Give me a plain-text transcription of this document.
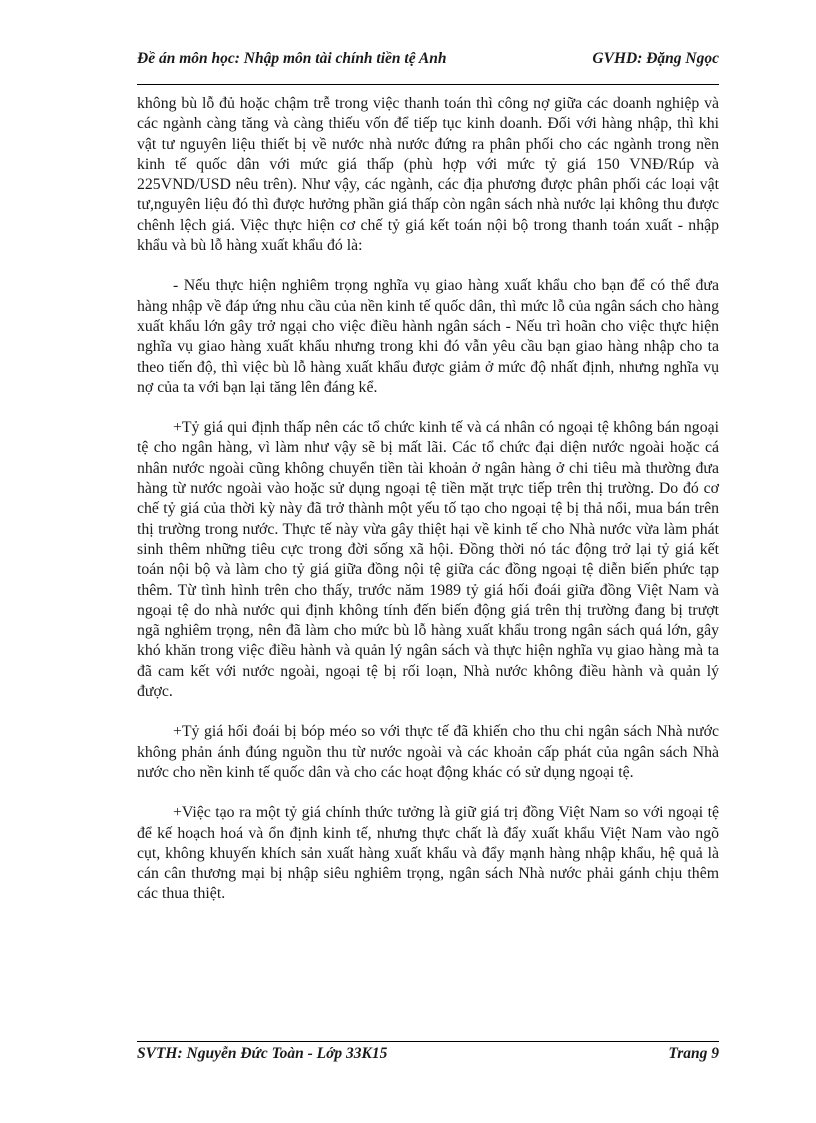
Đề án môn học: Nhập môn tài chính tiền tệ Anh	GVHD: Đặng Ngọc

không bù lỗ đủ hoặc chậm trễ trong việc thanh toán thì công nợ giữa các doanh nghiệp và các ngành càng tăng và càng thiếu vốn để tiếp tục kinh doanh. Đối với hàng nhập, thì khi vật tư nguyên liệu thiết bị về nước nhà nước đứng ra phân phối cho các ngành trong nền kinh tế quốc dân với mức giá thấp (phù hợp với mức tỷ giá 150 VNĐ/Rúp và 225VND/USD nêu trên). Như vậy, các ngành, các địa phương được phân phối các loại vật tư,nguyên liệu đó thì được hưởng phần giá thấp còn ngân sách nhà nước lại không thu được chênh lệch giá. Việc thực hiện cơ chế tỷ giá kết toán nội bộ trong thanh toán xuất - nhập khẩu và bù lỗ hàng xuất khẩu đó là:

- Nếu thực hiện nghiêm trọng nghĩa vụ giao hàng xuất khẩu cho bạn để có thể đưa hàng nhập về đáp ứng nhu cầu của nền kinh tế quốc dân, thì mức lỗ của ngân sách cho hàng xuất khẩu lớn gây trở ngại cho việc điều hành ngân sách - Nếu trì hoãn cho việc thực hiện nghĩa vụ giao hàng xuất khẩu nhưng trong khi đó vẫn yêu cầu bạn giao hàng nhập cho ta theo tiến độ, thì việc bù lỗ hàng xuất khẩu được giảm ở mức độ nhất định, nhưng nghĩa vụ nợ của ta với bạn lại tăng lên đáng kể.

+Tỷ giá qui định thấp nên các tổ chức kinh tế và cá nhân có ngoại tệ không bán ngoại tệ cho ngân hàng, vì làm như vậy sẽ bị mất lãi. Các tổ chức đại diện nước ngoài hoặc cá nhân nước ngoài cũng không chuyển tiền tài khoản ở ngân hàng ở chi tiêu mà thường đưa hàng từ nước ngoài vào hoặc sử dụng ngoại tệ tiền mặt trực tiếp trên thị trường. Do đó cơ chế tỷ giá của thời kỳ này đã trở thành một yếu tố tạo cho ngoại tệ bị thả nổi, mua bán trên thị trường trong nước. Thực tế này vừa gây thiệt hại về kinh tế cho Nhà nước vừa làm phát sinh thêm những tiêu cực trong đời sống xã hội. Đồng thời nó tác động trở lại tỷ giá kết toán nội bộ và làm cho tỷ giá giữa đồng nội tệ giữa các đồng ngoại tệ diễn biến phức tạp thêm. Từ tình hình trên cho thấy, trước năm 1989 tỷ giá hối đoái giữa đồng Việt Nam và ngoại tệ do nhà nước qui định không tính đến biến động giá trên thị trường đang bị trượt ngã nghiêm trọng, nên đã làm cho mức bù lỗ hàng xuất khẩu trong ngân sách quá lớn, gây khó khăn trong việc điều hành và quản lý ngân sách và thực hiện nghĩa vụ giao hàng mà ta đã cam kết với nước ngoài, ngoại tệ bị rối loạn, Nhà nước không điều hành và quản lý được.

+Tỷ giá hối đoái bị bóp méo so với thực tế đã khiến cho thu chi ngân sách Nhà nước không phản ánh đúng nguồn thu từ nước ngoài và các khoản cấp phát của ngân sách Nhà nước cho nền kinh tế quốc dân và cho các hoạt động khác có sử dụng ngoại tệ.

+Việc tạo ra một tỷ giá chính thức tưởng là giữ giá trị đồng Việt Nam so với ngoại tệ để kế hoạch hoá và ổn định kinh tế, nhưng thực chất là đẩy xuất khẩu Việt Nam vào ngõ cụt, không khuyến khích sản xuất hàng xuất khẩu và đẩy mạnh hàng nhập khẩu, hệ quả là cán cân thương mại bị nhập siêu nghiêm trọng, ngân sách Nhà nước phải gánh chịu thêm các thua thiệt.

SVTH: Nguyễn Đức Toàn - Lớp 33K15	Trang 9
